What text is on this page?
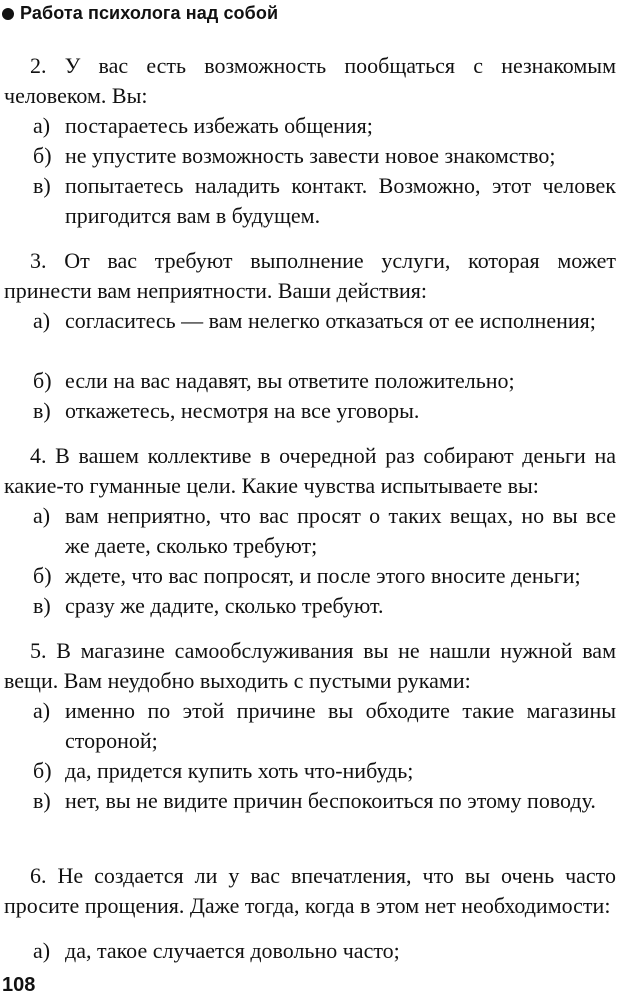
Работа психолога над собой
2. У вас есть возможность пообщаться с незнакомым человеком. Вы:
а) постараетесь избежать общения;
б) не упустите возможность завести новое знакомство;
в) попытаетесь наладить контакт. Возможно, этот человек пригодится вам в будущем.
3. От вас требуют выполнение услуги, которая может принести вам неприятности. Ваши действия:
а) согласитесь — вам нелегко отказаться от ее исполнения;
б) если на вас надавят, вы ответите положительно;
в) откажетесь, несмотря на все уговоры.
4. В вашем коллективе в очередной раз собирают деньги на какие-то гуманные цели. Какие чувства испытываете вы:
а) вам неприятно, что вас просят о таких вещах, но вы все же даете, сколько требуют;
б) ждете, что вас попросят, и после этого вносите деньги;
в) сразу же дадите, сколько требуют.
5. В магазине самообслуживания вы не нашли нужной вам вещи. Вам неудобно выходить с пустыми руками:
а) именно по этой причине вы обходите такие магазины стороной;
б) да, придется купить хоть что-нибудь;
в) нет, вы не видите причин беспокоиться по этому поводу.
6. Не создается ли у вас впечатления, что вы очень часто просите прощения. Даже тогда, когда в этом нет необходимости:
а) да, такое случается довольно часто;
108
